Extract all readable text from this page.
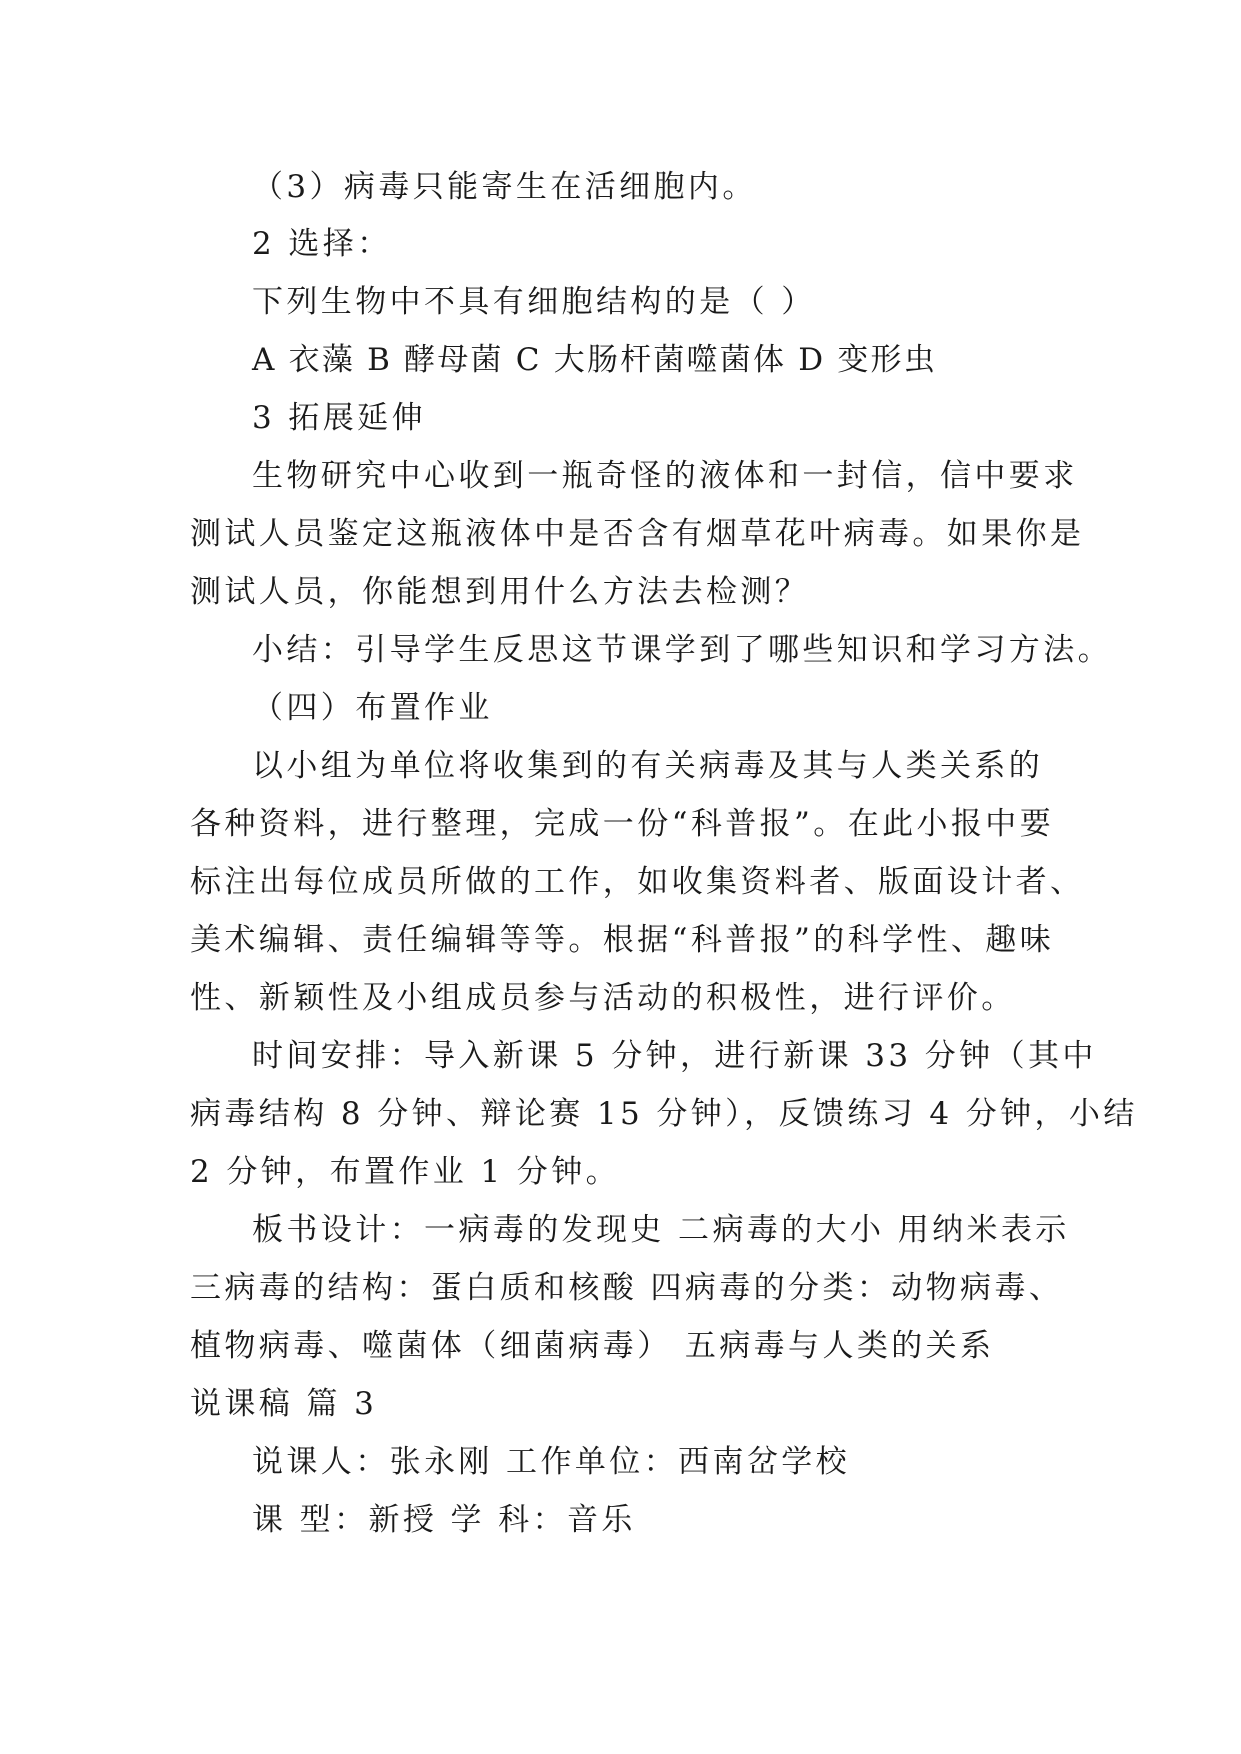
（3）病毒只能寄生在活细胞内。
2 选择：
下列生物中不具有细胞结构的是（ ）
A 衣藻 B 酵母菌 C 大肠杆菌噬菌体 D 变形虫
3 拓展延伸
生物研究中心收到一瓶奇怪的液体和一封信，信中要求
测试人员鉴定这瓶液体中是否含有烟草花叶病毒。如果你是
测试人员，你能想到用什么方法去检测？
小结：引导学生反思这节课学到了哪些知识和学习方法。
（四）布置作业
以小组为单位将收集到的有关病毒及其与人类关系的
各种资料，进行整理，完成一份“科普报”。在此小报中要
标注出每位成员所做的工作，如收集资料者、版面设计者、
美术编辑、责任编辑等等。根据“科普报”的科学性、趣味
性、新颖性及小组成员参与活动的积极性，进行评价。
时间安排：导入新课 5 分钟，进行新课 33 分钟（其中
病毒结构 8 分钟、辩论赛 15 分钟），反馈练习 4 分钟，小结
2 分钟，布置作业 1 分钟。
板书设计：一病毒的发现史 二病毒的大小 用纳米表示
三病毒的结构：蛋白质和核酸 四病毒的分类：动物病毒、
植物病毒、噬菌体（细菌病毒） 五病毒与人类的关系
说课稿 篇 3
说课人：张永刚 工作单位：西南岔学校
课 型：新授 学 科：音乐
